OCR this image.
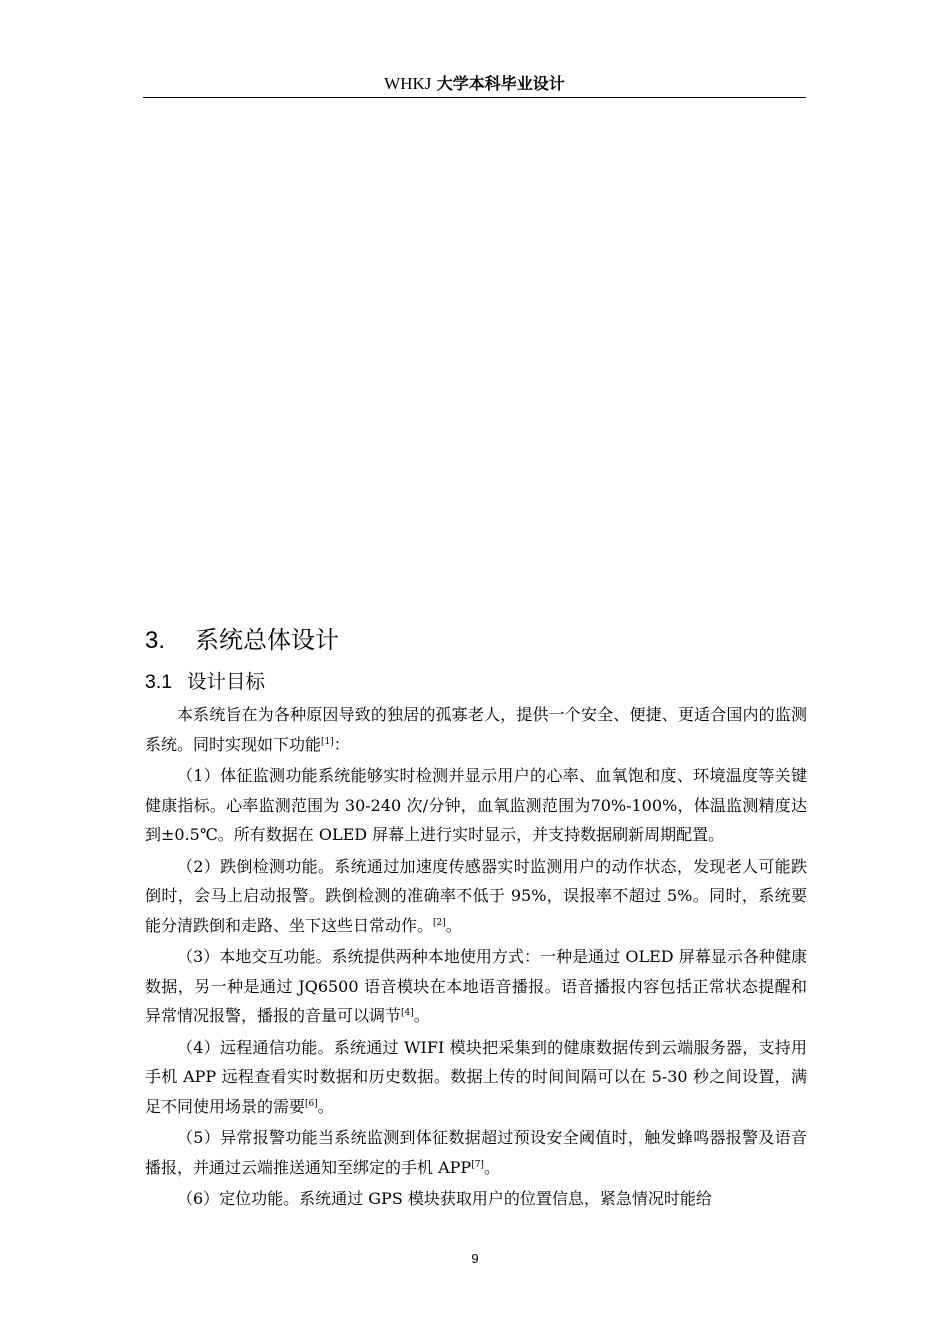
WHKJ 大学本科毕业设计
3. 系统总体设计
3.1 设计目标

本系统旨在为各种原因导致的独居的孤寡老人，提供一个安全、便捷、更适合国内的监测系统。同时实现如下功能[1]：

（1）体征监测功能系统能够实时检测并显示用户的心率、血氧饱和度、环境温度等关键健康指标。心率监测范围为 30-240 次/分钟，血氧监测范围为70%-100%，体温监测精度达到±0.5℃。所有数据在 OLED 屏幕上进行实时显示，并支持数据刷新周期配置。

（2）跌倒检测功能。系统通过加速度传感器实时监测用户的动作状态，发现老人可能跌倒时，会马上启动报警。跌倒检测的准确率不低于 95%，误报率不超过 5%。同时，系统要能分清跌倒和走路、坐下这些日常动作。[2]。

（3）本地交互功能。系统提供两种本地使用方式：一种是通过 OLED 屏幕显示各种健康数据，另一种是通过 JQ6500 语音模块在本地语音播报。语音播报内容包括正常状态提醒和异常情况报警，播报的音量可以调节[4]。

（4）远程通信功能。系统通过 WIFI 模块把采集到的健康数据传到云端服务器，支持用手机 APP 远程查看实时数据和历史数据。数据上传的时间间隔可以在 5-30 秒之间设置，满足不同使用场景的需要[6]。

（5）异常报警功能当系统监测到体征数据超过预设安全阈值时，触发蜂鸣器报警及语音播报，并通过云端推送通知至绑定的手机 APP[7]。

（6）定位功能。系统通过 GPS 模块获取用户的位置信息，紧急情况时能给

9
